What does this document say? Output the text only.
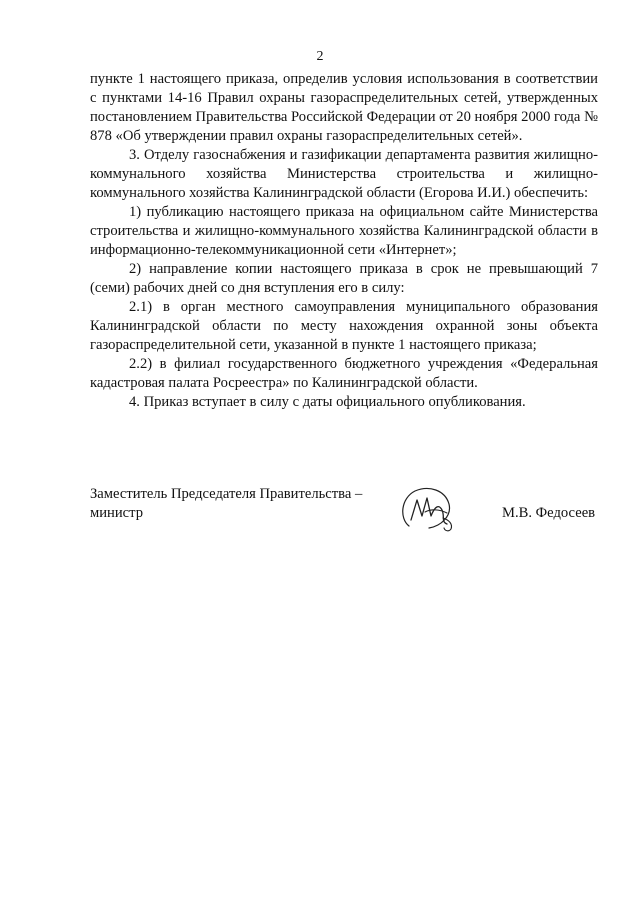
2

пункте 1 настоящего приказа, определив условия использования в соответствии с пунктами 14-16 Правил охраны газораспределительных сетей, утвержденных постановлением Правительства Российской Федерации от 20 ноября 2000 года № 878 «Об утверждении правил охраны газораспределительных сетей».

3. Отделу газоснабжения и газификации департамента развития жилищно-коммунального хозяйства Министерства строительства и жилищно-коммунального хозяйства Калининградской области (Егорова И.И.) обеспечить:

1) публикацию настоящего приказа на официальном сайте Министерства строительства и жилищно-коммунального хозяйства Калининградской области в информационно-телекоммуникационной сети «Интернет»;

2) направление копии настоящего приказа в срок не превышающий 7 (семи) рабочих дней со дня вступления его в силу:

2.1) в орган местного самоуправления муниципального образования Калининградской области по месту нахождения охранной зоны объекта газораспределительной сети, указанной в пункте 1 настоящего приказа;

2.2) в филиал государственного бюджетного учреждения «Федеральная кадастровая палата Росреестра» по Калининградской области.

4. Приказ вступает в силу с даты официального опубликования.

Заместитель Председателя Правительства –
министр	М.В. Федосеев
